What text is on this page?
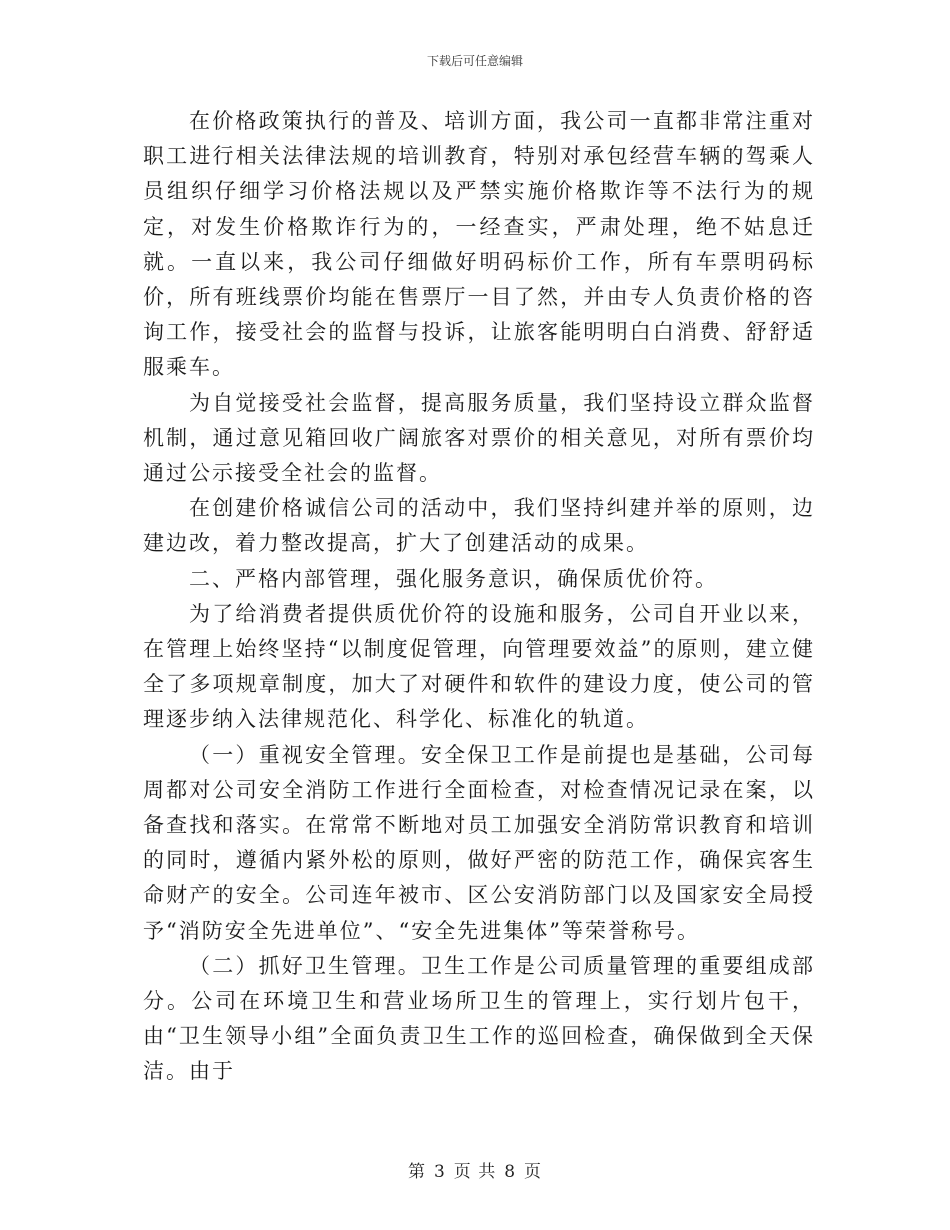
下载后可任意编辑

在价格政策执行的普及、培训方面，我公司一直都非常注重对职工进行相关法律法规的培训教育，特别对承包经营车辆的驾乘人员组织仔细学习价格法规以及严禁实施价格欺诈等不法行为的规定，对发生价格欺诈行为的，一经查实，严肃处理，绝不姑息迁就。一直以来，我公司仔细做好明码标价工作，所有车票明码标价，所有班线票价均能在售票厅一目了然，并由专人负责价格的咨询工作，接受社会的监督与投诉，让旅客能明明白白消费、舒舒适服乘车。

为自觉接受社会监督，提高服务质量，我们坚持设立群众监督机制，通过意见箱回收广阔旅客对票价的相关意见，对所有票价均通过公示接受全社会的监督。

在创建价格诚信公司的活动中，我们坚持纠建并举的原则，边建边改，着力整改提高，扩大了创建活动的成果。

二、严格内部管理，强化服务意识，确保质优价符。

为了给消费者提供质优价符的设施和服务，公司自开业以来，在管理上始终坚持“以制度促管理，向管理要效益”的原则，建立健全了多项规章制度，加大了对硬件和软件的建设力度，使公司的管理逐步纳入法律规范化、科学化、标准化的轨道。

（一）重视安全管理。安全保卫工作是前提也是基础，公司每周都对公司安全消防工作进行全面检查，对检查情况记录在案，以备查找和落实。在常常不断地对员工加强安全消防常识教育和培训的同时，遵循内紧外松的原则，做好严密的防范工作，确保宾客生命财产的安全。公司连年被市、区公安消防部门以及国家安全局授予“消防安全先进单位”、“安全先进集体”等荣誉称号。

（二）抓好卫生管理。卫生工作是公司质量管理的重要组成部分。公司在环境卫生和营业场所卫生的管理上，实行划片包干，由“卫生领导小组”全面负责卫生工作的巡回检查，确保做到全天保洁。由于

第 3 页 共 8 页
